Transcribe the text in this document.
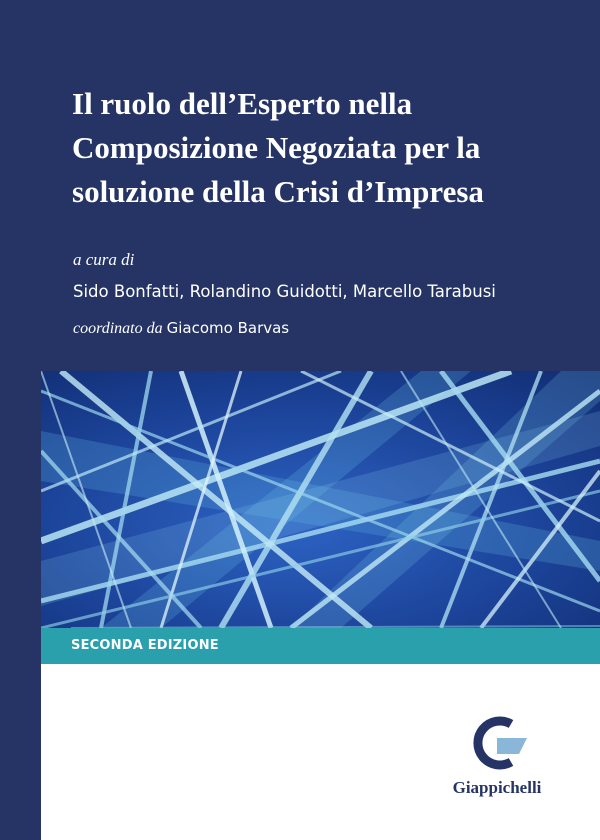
Il ruolo dell’Esperto nella
Composizione Negoziata per la
soluzione della Crisi d’Impresa
a cura di
Sido Bonfatti, Rolandino Guidotti, Marcello Tarabusi
coordinato da Giacomo Barvas
SECONDA EDIZIONE
Giappichelli
